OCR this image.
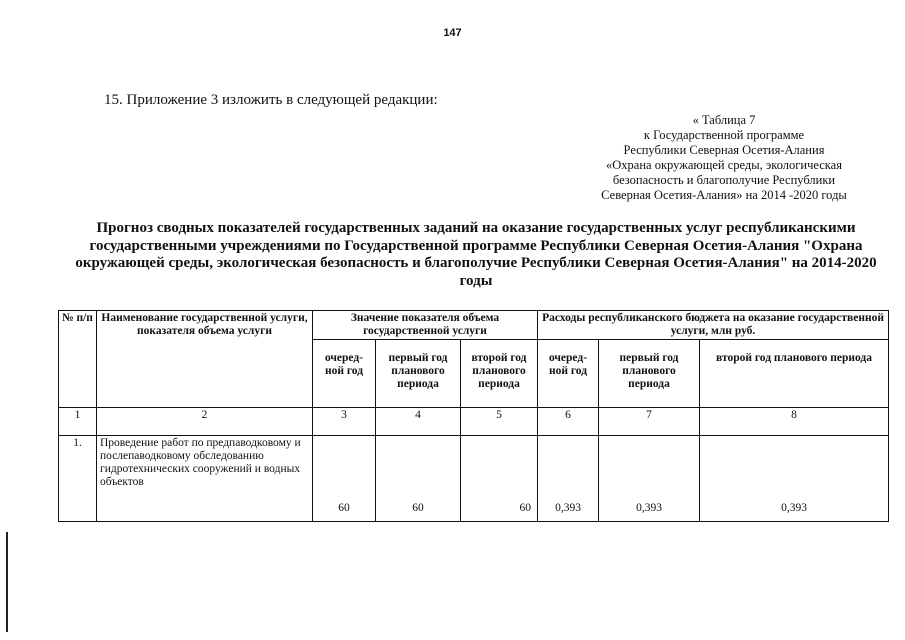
147
15. Приложение 3 изложить в следующей редакции:
« Таблица 7
к Государственной программе
Республики Северная Осетия-Алания
«Охрана окружающей среды, экологическая
безопасность и благополучие Республики
Северная Осетия-Алания» на 2014 -2020 годы
Прогноз сводных показателей государственных заданий на оказание государственных услуг республиканскими государственными учреждениями по Государственной программе Республики Северная Осетия-Алания "Охрана окружающей среды, экологическая безопасность и благополучие Республики Северная Осетия-Алания" на 2014-2020 годы
№ п/п	Наименование государственной услуги, показателя объема услуги	Значение показателя объема государственной услуги			Расходы республиканского бюджета на оказание государственной услуги, млн руб.		
		очеред-ной год	первый год планового периода	второй год планового периода	очеред-ной год	первый год планового периода	второй год планового периода
1	2	3	4	5	6	7	8
1.	Проведение работ по предпаводковому и послепаводковому обследованию гидротехнических сооружений и водных объектов	60	60	60	0,393	0,393	0,393
